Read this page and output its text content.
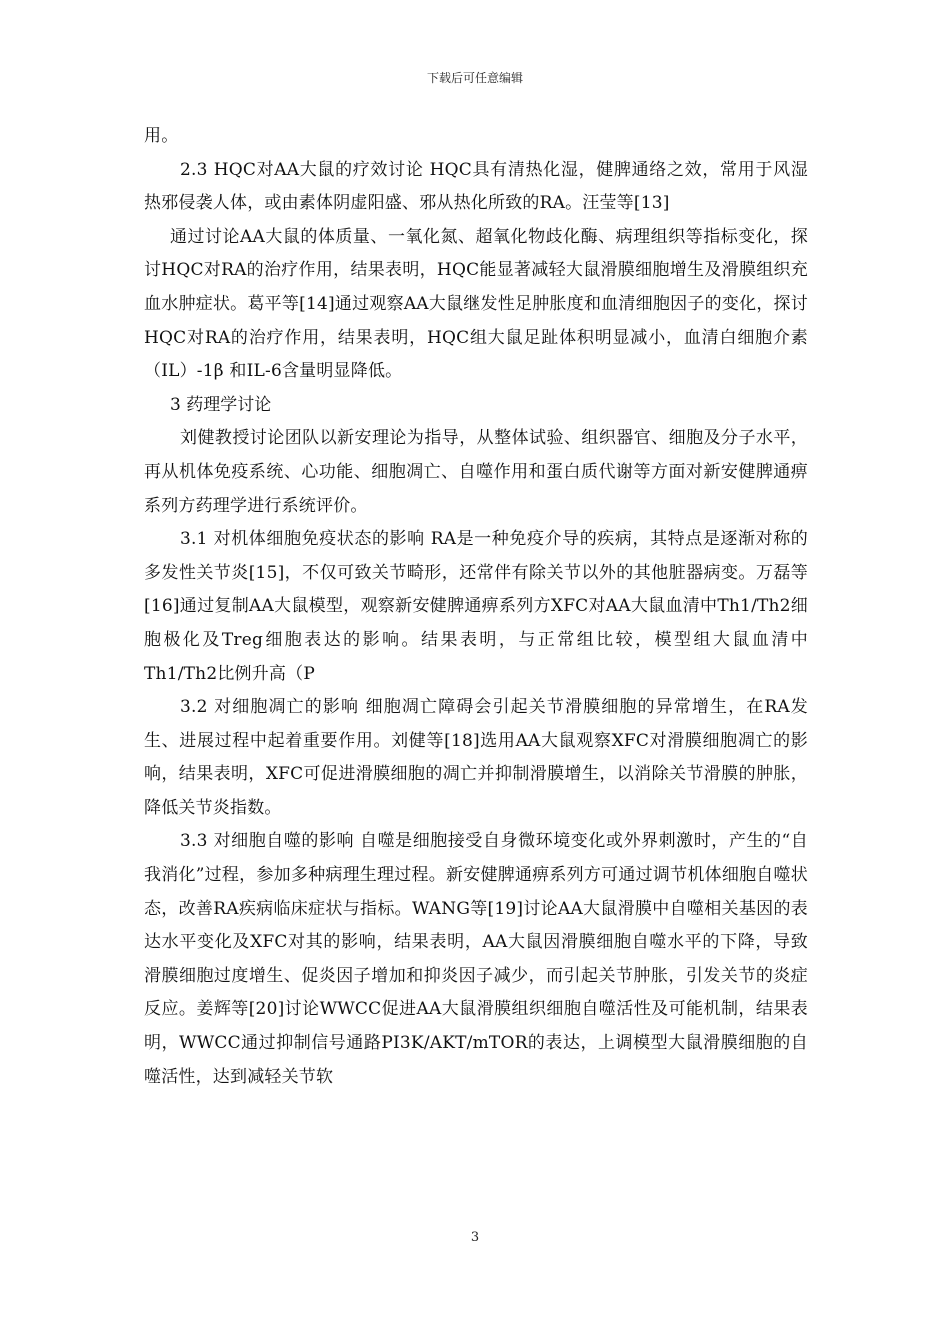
下载后可任意编辑

用。

2.3 HQC对AA大鼠的疗效讨论 HQC具有清热化湿，健脾通络之效，常用于风湿热邪侵袭人体，或由素体阴虚阳盛、邪从热化所致的RA。汪莹等[13]

通过讨论AA大鼠的体质量、一氧化氮、超氧化物歧化酶、病理组织等指标变化，探讨HQC对RA的治疗作用，结果表明，HQC能显著减轻大鼠滑膜细胞增生及滑膜组织充血水肿症状。葛平等[14]通过观察AA大鼠继发性足肿胀度和血清细胞因子的变化，探讨HQC对RA的治疗作用，结果表明，HQC组大鼠足趾体积明显减小，血清白细胞介素（IL）-1β 和IL-6含量明显降低。

3 药理学讨论

刘健教授讨论团队以新安理论为指导，从整体试验、组织器官、细胞及分子水平，再从机体免疫系统、心功能、细胞凋亡、自噬作用和蛋白质代谢等方面对新安健脾通痹系列方药理学进行系统评价。

3.1 对机体细胞免疫状态的影响 RA是一种免疫介导的疾病，其特点是逐渐对称的多发性关节炎[15]，不仅可致关节畸形，还常伴有除关节以外的其他脏器病变。万磊等[16]通过复制AA大鼠模型，观察新安健脾通痹系列方XFC对AA大鼠血清中Th1/Th2细胞极化及Treg细胞表达的影响。结果表明，与正常组比较，模型组大鼠血清中Th1/Th2比例升高（P

3.2 对细胞凋亡的影响 细胞凋亡障碍会引起关节滑膜细胞的异常增生，在RA发生、进展过程中起着重要作用。刘健等[18]选用AA大鼠观察XFC对滑膜细胞凋亡的影响，结果表明，XFC可促进滑膜细胞的凋亡并抑制滑膜增生，以消除关节滑膜的肿胀，降低关节炎指数。

3.3 对细胞自噬的影响 自噬是细胞接受自身微环境变化或外界刺激时，产生的“自我消化”过程，参加多种病理生理过程。新安健脾通痹系列方可通过调节机体细胞自噬状态，改善RA疾病临床症状与指标。WANG等[19]讨论AA大鼠滑膜中自噬相关基因的表达水平变化及XFC对其的影响，结果表明，AA大鼠因滑膜细胞自噬水平的下降，导致滑膜细胞过度增生、促炎因子增加和抑炎因子减少，而引起关节肿胀，引发关节的炎症反应。姜辉等[20]讨论WWCC促进AA大鼠滑膜组织细胞自噬活性及可能机制，结果表明，WWCC通过抑制信号通路PI3K/AKT/mTOR的表达，上调模型大鼠滑膜细胞的自噬活性，达到减轻关节软

3
